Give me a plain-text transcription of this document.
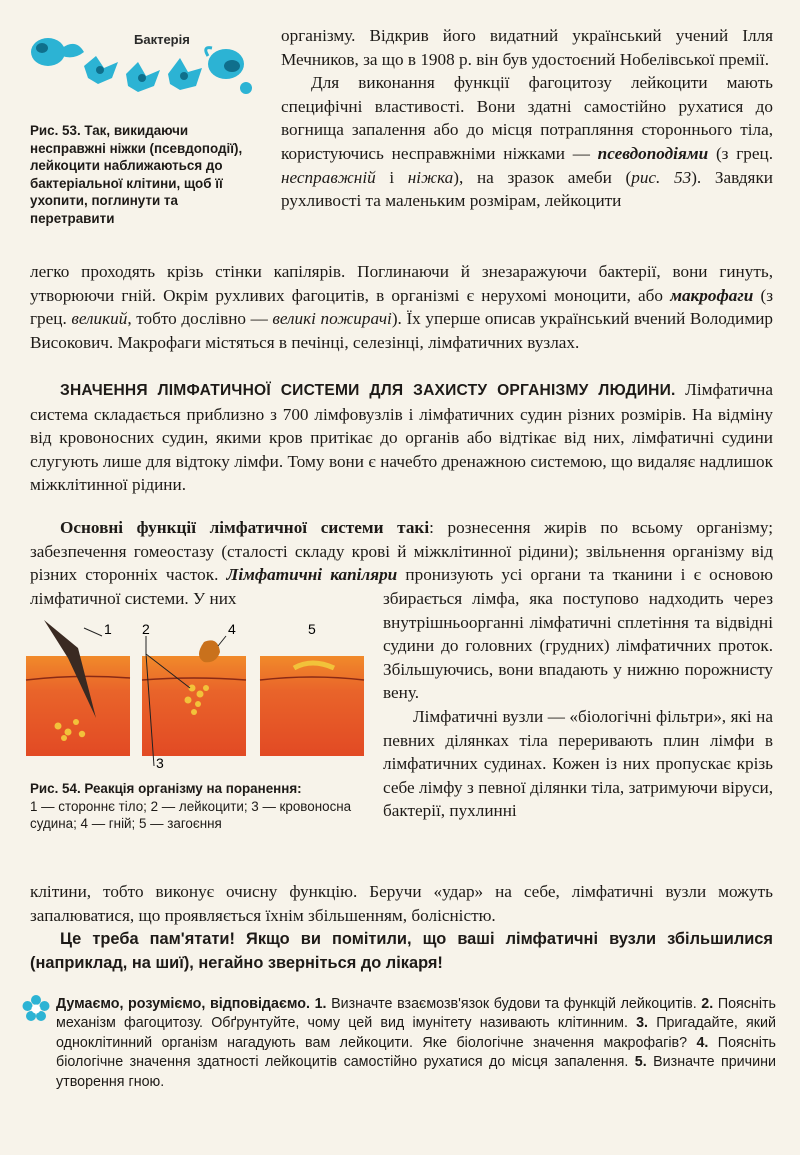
Бактерія
Рис. 53. Так, викидаючи несправжні ніжки (псевдоподії), лейкоцити наближаються до бактеріальної клітини, щоб її ухопити, поглинути та перетравити

організму. Відкрив його видатний український учений Ілля Мечников, за що в 1908 р. він був удостоєний Нобелівської премії.

Для виконання функції фагоцитозу лейкоцити мають специфічні властивості. Вони здатні самостійно рухатися до вогнища запалення або до місця потрапляння стороннього тіла, користуючись несправжніми ніжками — псевдоподіями (з грец. несправжній і ніжка), на зразок амеби (рис. 53). Завдяки рухливості та маленьким розмірам, лейкоцити

легко проходять крізь стінки капілярів. Поглинаючи й знезаражуючи бактерії, вони гинуть, утворюючи гній. Окрім рухливих фагоцитів, в організмі є нерухомі моноцити, або макрофаги (з грец. великий, тобто дослівно — великі пожирачі). Їх уперше описав український вчений Володимир Високович. Макрофаги містяться в печінці, селезінці, лімфатичних вузлах.

ЗНАЧЕННЯ ЛІМФАТИЧНОЇ СИСТЕМИ ДЛЯ ЗАХИСТУ ОРГАНІЗМУ ЛЮДИНИ. Лімфатична система складається приблизно з 700 лімфовузлів і лімфатичних судин різних розмірів. На відміну від кровоносних судин, якими кров притікає до органів або відтікає від них, лімфатичні судини слугують лише для відтоку лімфи. Тому вони є начебто дренажною системою, що видаляє надлишок міжклітинної рідини.

Основні функції лімфатичної системи такі: рознесення жирів по всьому організму; забезпечення гомеостазу (сталості складу крові й міжклітинної рідини); звільнення організму від різних сторонніх часток. Лімфатичні капіляри пронизують усі органи та тканини і є основою лімфатичної системи. У них

1 2
3
4	5
Рис. 54. Реакція організму на поранення:
1 — стороннє тіло; 2 — лейкоцити; 3 — кровоносна судина; 4 — гній; 5 — загоєння

збирається лімфа, яка поступово надходить через внутрішньоорганні лімфатичні сплетіння та відвідні судини до головних (грудних) лімфатичних проток. Збільшуючись, вони впадають у нижню порожнисту вену.

Лімфатичні вузли — «біологічні фільтри», які на певних ділянках тіла переривають плин лімфи в лімфатичних судинах. Кожен із них пропускає крізь себе лімфу з певної ділянки тіла, затримуючи віруси, бактерії, пухлинні

клітини, тобто виконує очисну функцію. Беручи «удар» на себе, лімфатичні вузли можуть запалюватися, що проявляється їхнім збільшенням, болісністю.

Це треба пам'ятати! Якщо ви помітили, що ваші лімфатичні вузли збільшилися (наприклад, на шиї), негайно зверніться до лікаря!

Думаємо, розуміємо, відповідаємо. 1. Визначте взаємозв'язок будови та функцій лейкоцитів. 2. Поясніть механізм фагоцитозу. Обґрунтуйте, чому цей вид імунітету називають клітинним. 3. Пригадайте, який одноклітинний організм нагадують вам лейкоцити. Яке біологічне значення макрофагів? 4. Поясніть біологічне значення здатності лейкоцитів самостійно рухатися до місця запалення. 5. Визначте причини утворення гною.
